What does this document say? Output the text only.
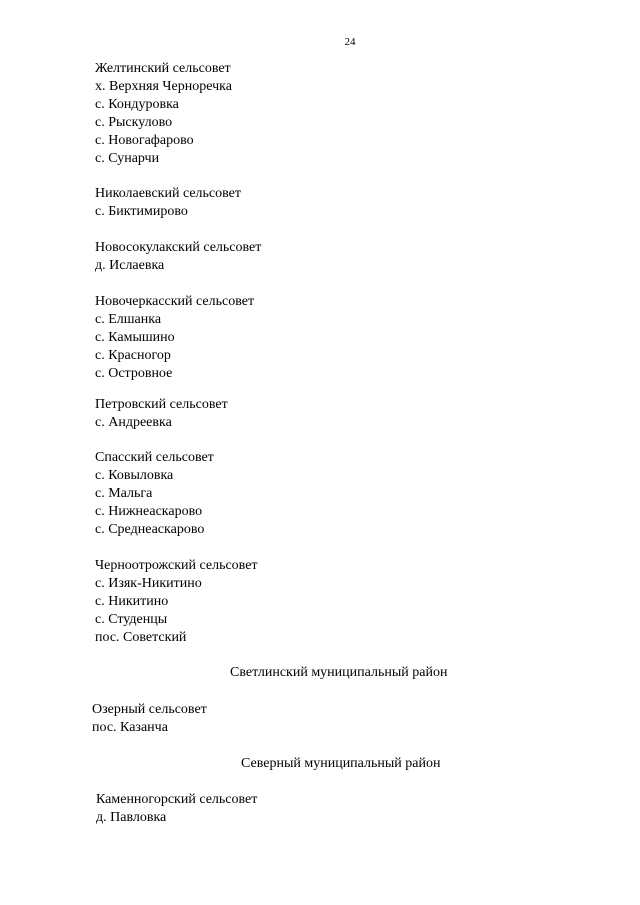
24
Желтинский сельсовет
х. Верхняя Черноречка
с. Кондуровка
с. Рыскулово
с. Новогафарово
с. Сунарчи
Николаевский сельсовет
с. Биктимирово
Новосокулакский сельсовет
д. Ислаевка
Новочеркасский сельсовет
с. Елшанка
с. Камышино
с. Красногор
с. Островное
Петровский сельсовет
с. Андреевка
Спасский сельсовет
с. Ковыловка
с. Мальга
с. Нижнеаскарово
с. Среднеаскарово
Черноотрожский сельсовет
с. Изяк-Никитино
с. Никитино
с. Студенцы
пос. Советский
Светлинский муниципальный район
Озерный сельсовет
пос. Казанча
Северный муниципальный район
Каменногорский сельсовет
д. Павловка
